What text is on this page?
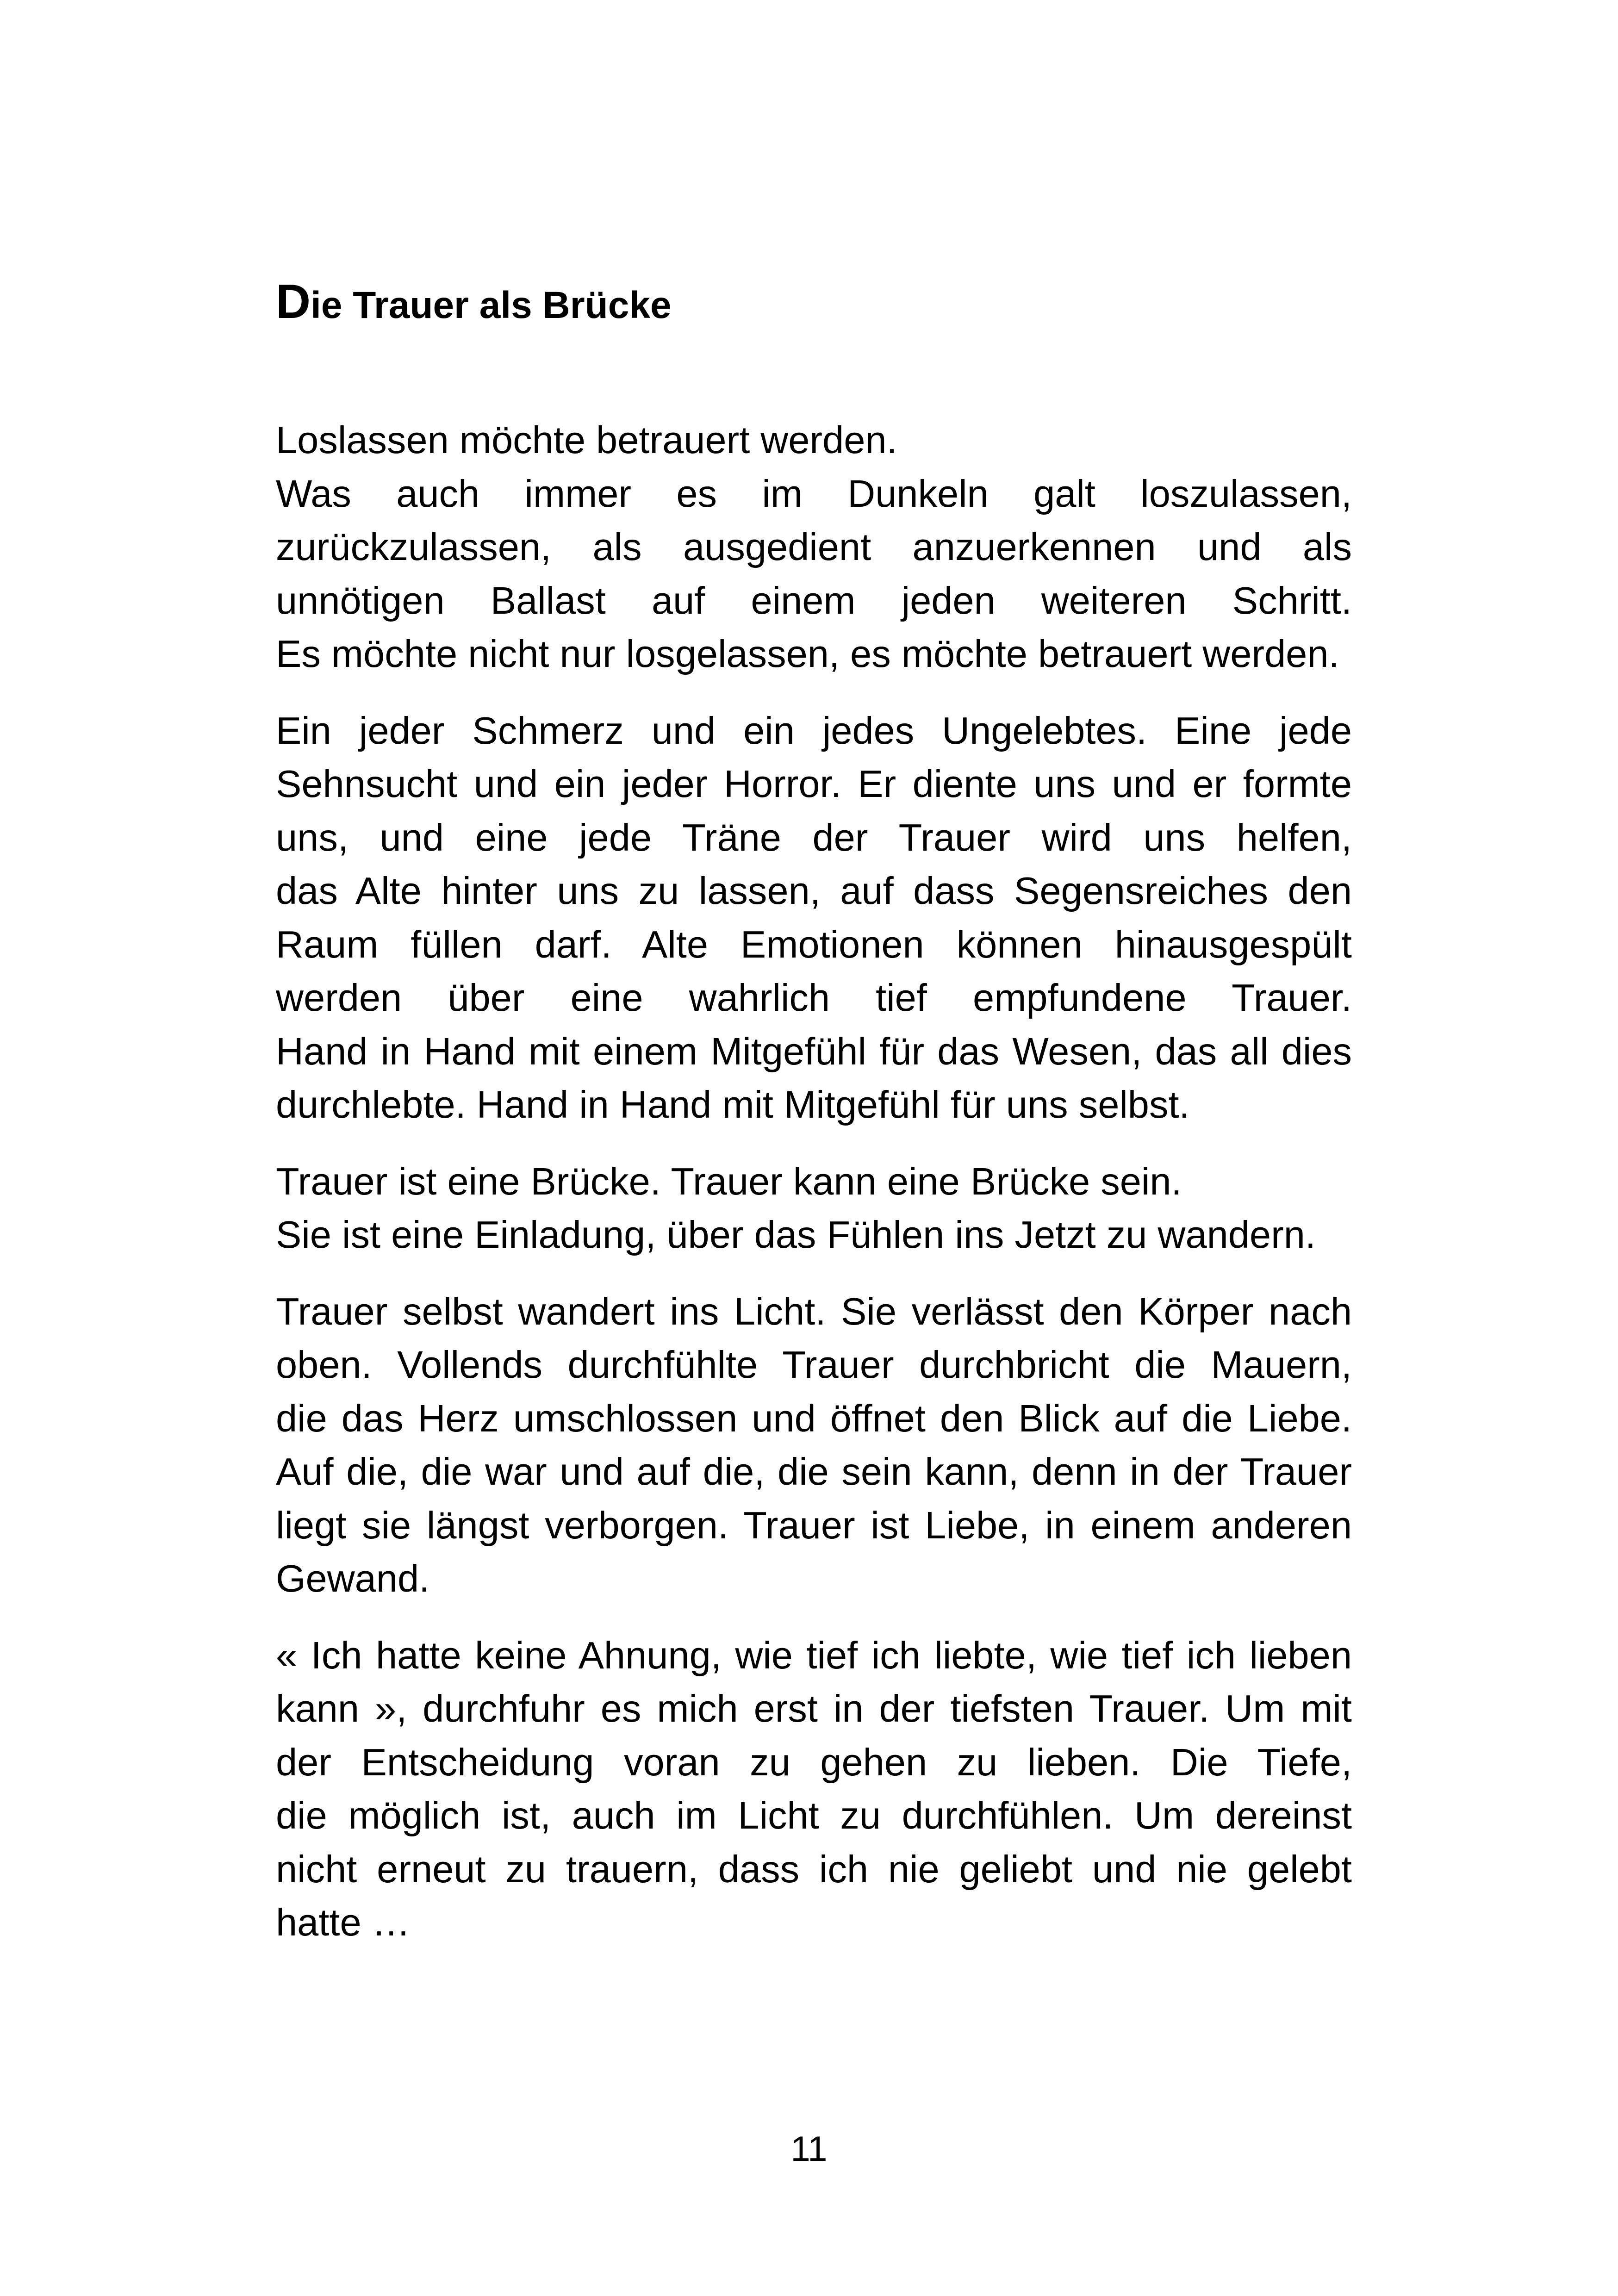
Die Trauer als Brücke
Loslassen möchte betrauert werden.
Was auch immer es im Dunkeln galt loszulassen,
zurückzulassen, als ausgedient anzuerkennen und als
unnötigen Ballast auf einem jeden weiteren Schritt.
Es möchte nicht nur losgelassen, es möchte betrauert werden.
Ein jeder Schmerz und ein jedes Ungelebtes. Eine jede
Sehnsucht und ein jeder Horror. Er diente uns und er formte
uns, und eine jede Träne der Trauer wird uns helfen,
das Alte hinter uns zu lassen, auf dass Segensreiches den
Raum füllen darf. Alte Emotionen können hinausgespült
werden über eine wahrlich tief empfundene Trauer.
Hand in Hand mit einem Mitgefühl für das Wesen, das all dies
durchlebte. Hand in Hand mit Mitgefühl für uns selbst.
Trauer ist eine Brücke. Trauer kann eine Brücke sein.
Sie ist eine Einladung, über das Fühlen ins Jetzt zu wandern.
Trauer selbst wandert ins Licht. Sie verlässt den Körper nach
oben. Vollends durchfühlte Trauer durchbricht die Mauern,
die das Herz umschlossen und öffnet den Blick auf die Liebe.
Auf die, die war und auf die, die sein kann, denn in der Trauer
liegt sie längst verborgen. Trauer ist Liebe, in einem anderen
Gewand.
« Ich hatte keine Ahnung, wie tief ich liebte, wie tief ich lieben
kann », durchfuhr es mich erst in der tiefsten Trauer. Um mit
der Entscheidung voran zu gehen zu lieben. Die Tiefe,
die möglich ist, auch im Licht zu durchfühlen. Um dereinst
nicht erneut zu trauern, dass ich nie geliebt und nie gelebt
hatte …
11
